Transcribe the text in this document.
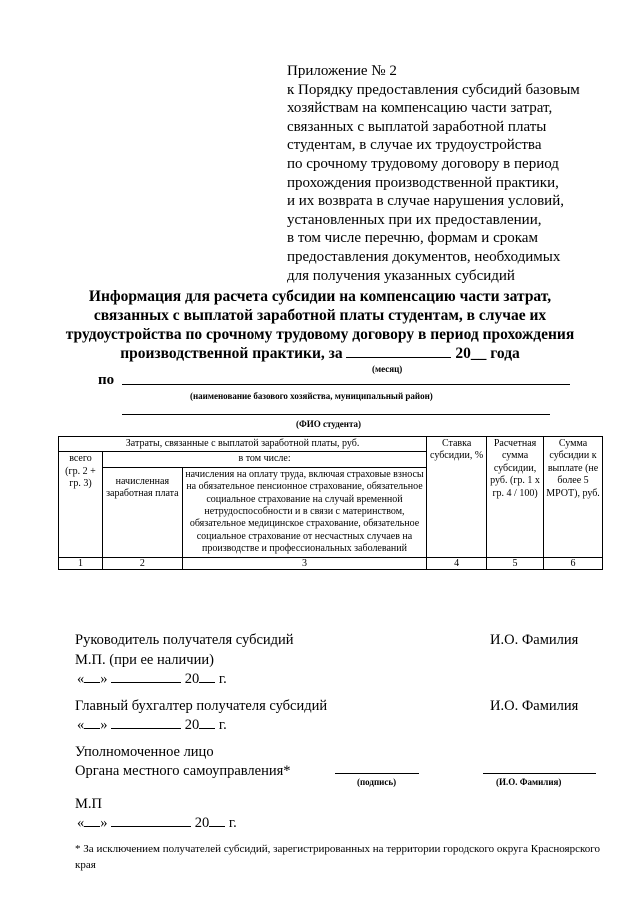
Приложение № 2
к Порядку предоставления субсидий базовым
хозяйствам на компенсацию части затрат,
связанных с выплатой заработной платы
студентам, в случае их трудоустройства
по срочному трудовому договору в период
прохождения производственной практики,
и их возврата в случае нарушения условий,
установленных при их предоставлении,
в том числе перечню, формам и срокам
предоставления документов, необходимых
для получения указанных субсидий
Информация для расчета субсидии на компенсацию части затрат,
связанных с выплатой заработной платы студентам, в случае их
трудоустройства по срочному трудовому договору в период прохождения
производственной практики, за	20__ года
(месяц)
по
(наименование базового хозяйства, муниципальный район)
(ФИО студента)
Затраты, связанные с выплатой заработной платы, руб.			Ставка субсидии, %	Расчетная сумма субсидии, руб. (гр. 1 x гр. 4 / 100)	Сумма субсидии к выплате (не более 5 МРОТ), руб.
всего (гр. 2 + гр. 3)	в том числе:				
	начисленная заработная плата	начисления на оплату труда, включая страховые взносы на обязательное пенсионное страхование, обязательное социальное страхование на случай временной нетрудоспособности и в связи с материнством, обязательное медицинское страхование, обязательное социальное страхование от несчастных случаев на производстве и профессиональных заболеваний			
1	2	3	4	5	6
Руководитель получателя субсидий	И.О. Фамилия
М.П. (при ее наличии)
« »	20 г.
Главный бухгалтер получателя субсидий	И.О. Фамилия
« »	20 г.
Уполномоченное лицо
Органа местного самоуправления*
(подпись)	(И.О. Фамилия)
М.П
« »	20 г.
* За исключением получателей субсидий, зарегистрированных на территории городского округа Красноярского края
